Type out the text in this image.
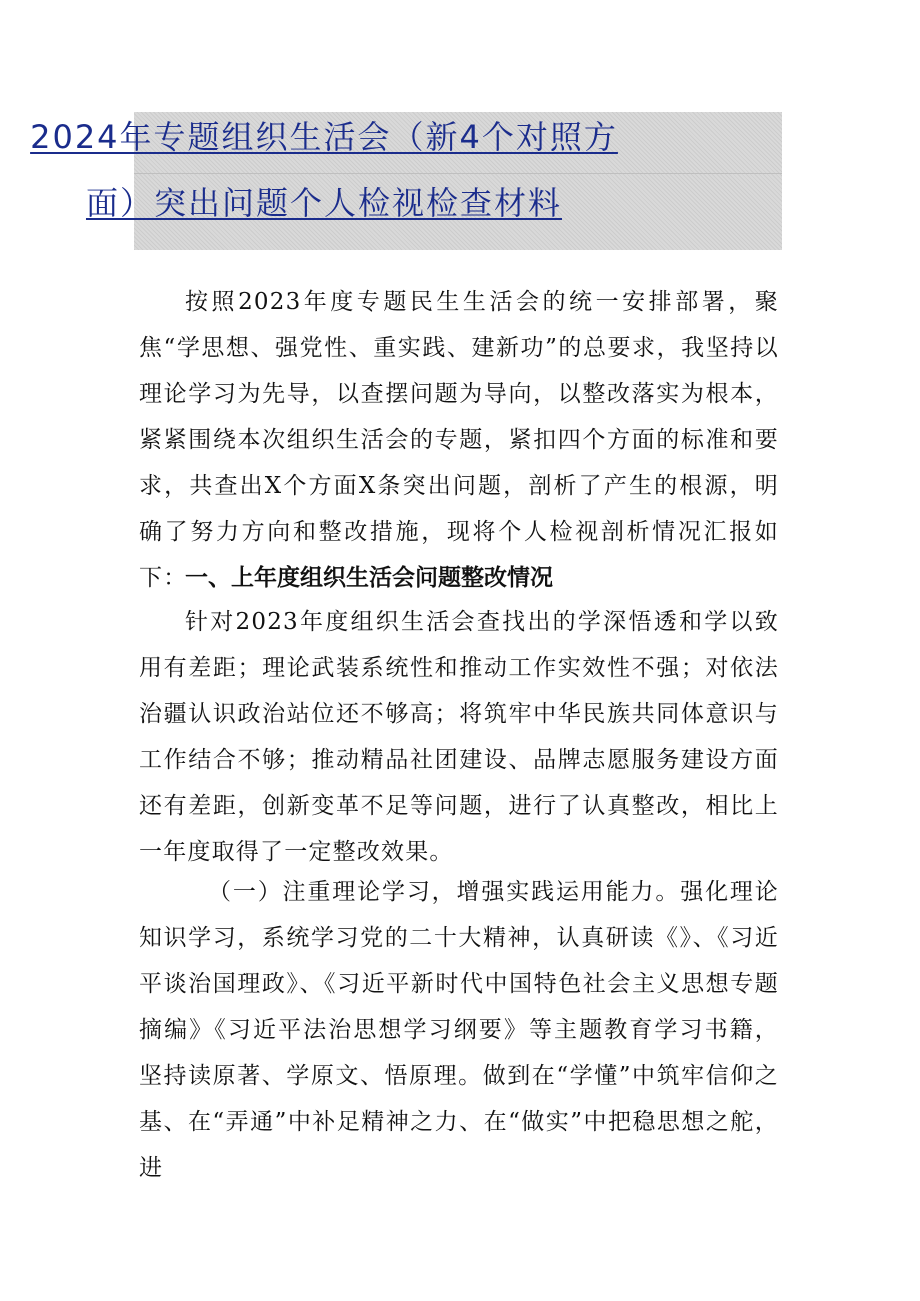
2024年专题组织生活会（新4个对照方
面）突出问题个人检视检查材料

按照2023年度专题民生生活会的统一安排部署，聚焦“学思想、强党性、重实践、建新功”的总要求，我坚持以理论学习为先导，以查摆问题为导向，以整改落实为根本，紧紧围绕本次组织生活会的专题，紧扣四个方面的标准和要求，共查出X个方面X条突出问题，剖析了产生的根源，明确了努力方向和整改措施，现将个人检视剖析情况汇报如下：

一、上年度组织生活会问题整改情况

针对2023年度组织生活会查找出的学深悟透和学以致用有差距；理论武装系统性和推动工作实效性不强；对依法治疆认识政治站位还不够高；将筑牢中华民族共同体意识与工作结合不够；推动精品社团建设、品牌志愿服务建设方面还有差距，创新变革不足等问题，进行了认真整改，相比上一年度取得了一定整改效果。

（一）注重理论学习，增强实践运用能力。强化理论知识学习，系统学习党的二十大精神，认真研读《》、《习近平谈治国理政》、《习近平新时代中国特色社会主义思想专题摘编》《习近平法治思想学习纲要》等主题教育学习书籍，坚持读原著、学原文、悟原理。做到在“学懂”中筑牢信仰之基、在“弄通”中补足精神之力、在“做实”中把稳思想之舵，进
